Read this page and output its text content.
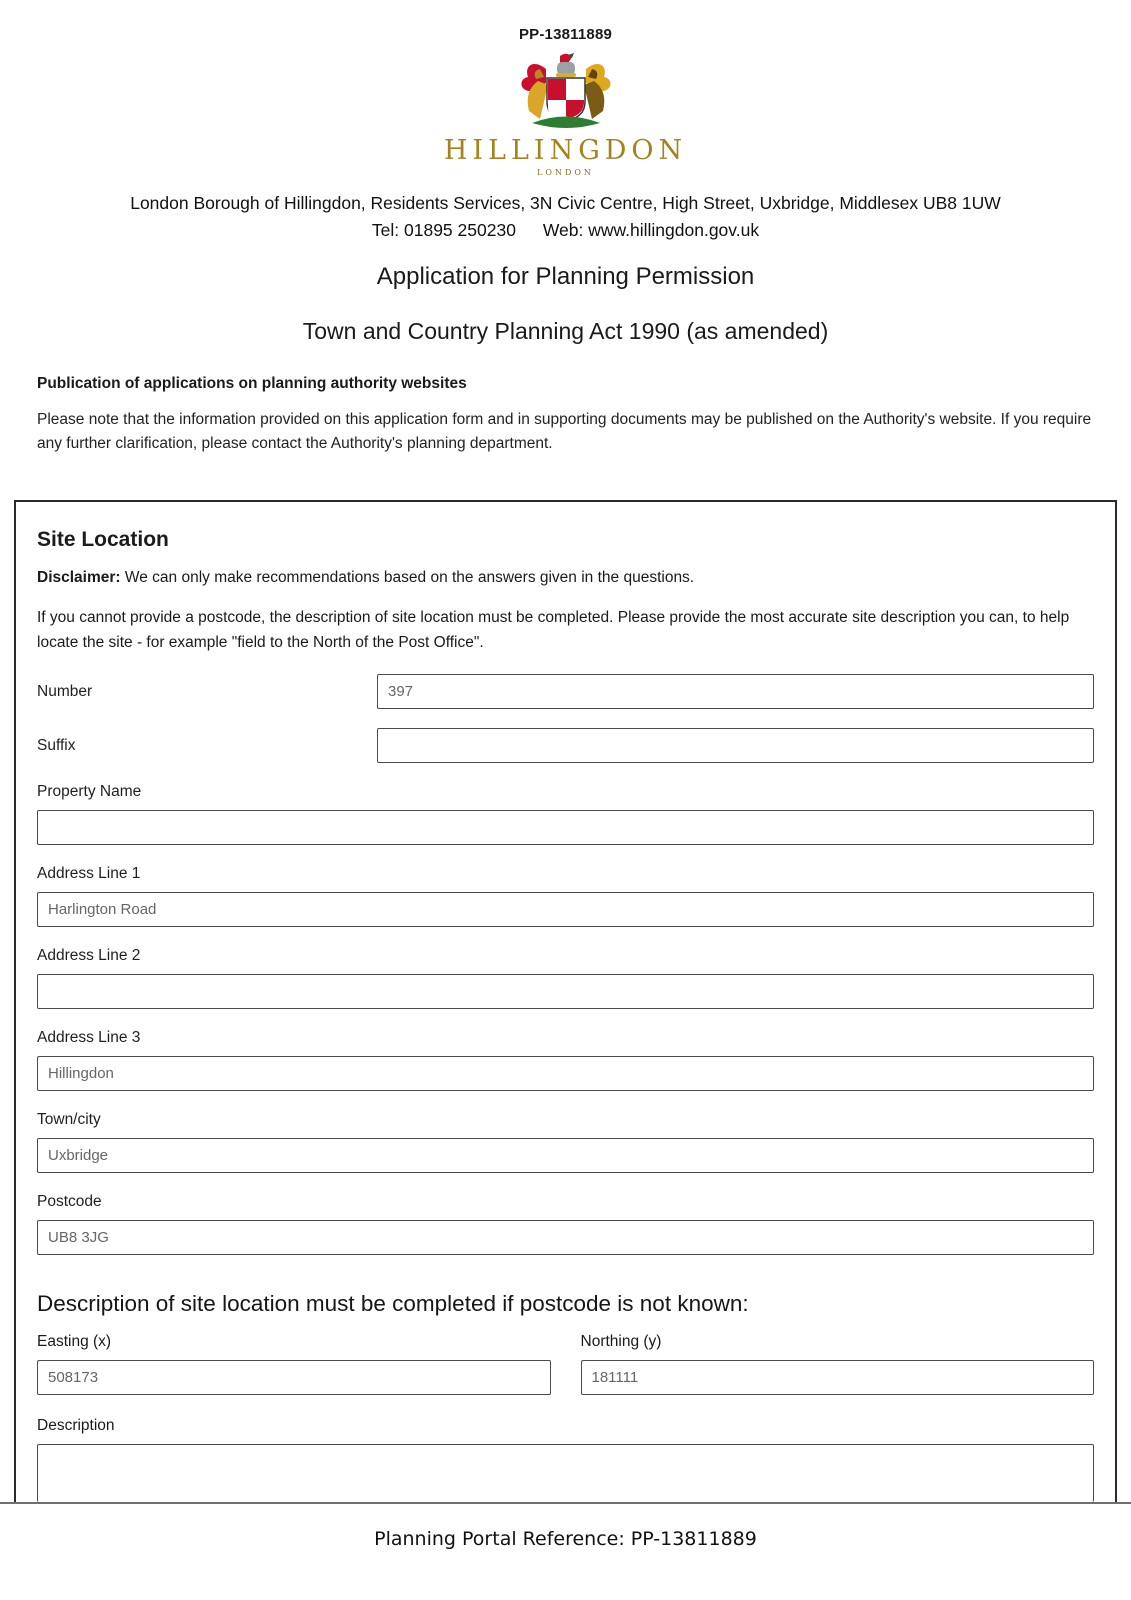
PP-13811889
HILLINGDON
LONDON
London Borough of Hillingdon, Residents Services, 3N Civic Centre, High Street, Uxbridge, Middlesex UB8 1UW
Tel: 01895 250230 Web: www.hillingdon.gov.uk
Application for Planning Permission
Town and Country Planning Act 1990 (as amended)
Publication of applications on planning authority websites
Please note that the information provided on this application form and in supporting documents may be published on the Authority's website. If you require any further clarification, please contact the Authority's planning department.
Site Location
Disclaimer: We can only make recommendations based on the answers given in the questions.
If you cannot provide a postcode, the description of site location must be completed. Please provide the most accurate site description you can, to help locate the site - for example "field to the North of the Post Office".
Number
397
Suffix
Property Name
Address Line 1
Harlington Road
Address Line 2
Address Line 3
Hillingdon
Town/city
Uxbridge
Postcode
UB8 3JG
Description of site location must be completed if postcode is not known:
Easting (x)
508173	Northing (y)
181111
Description
Planning Portal Reference: PP-13811889
